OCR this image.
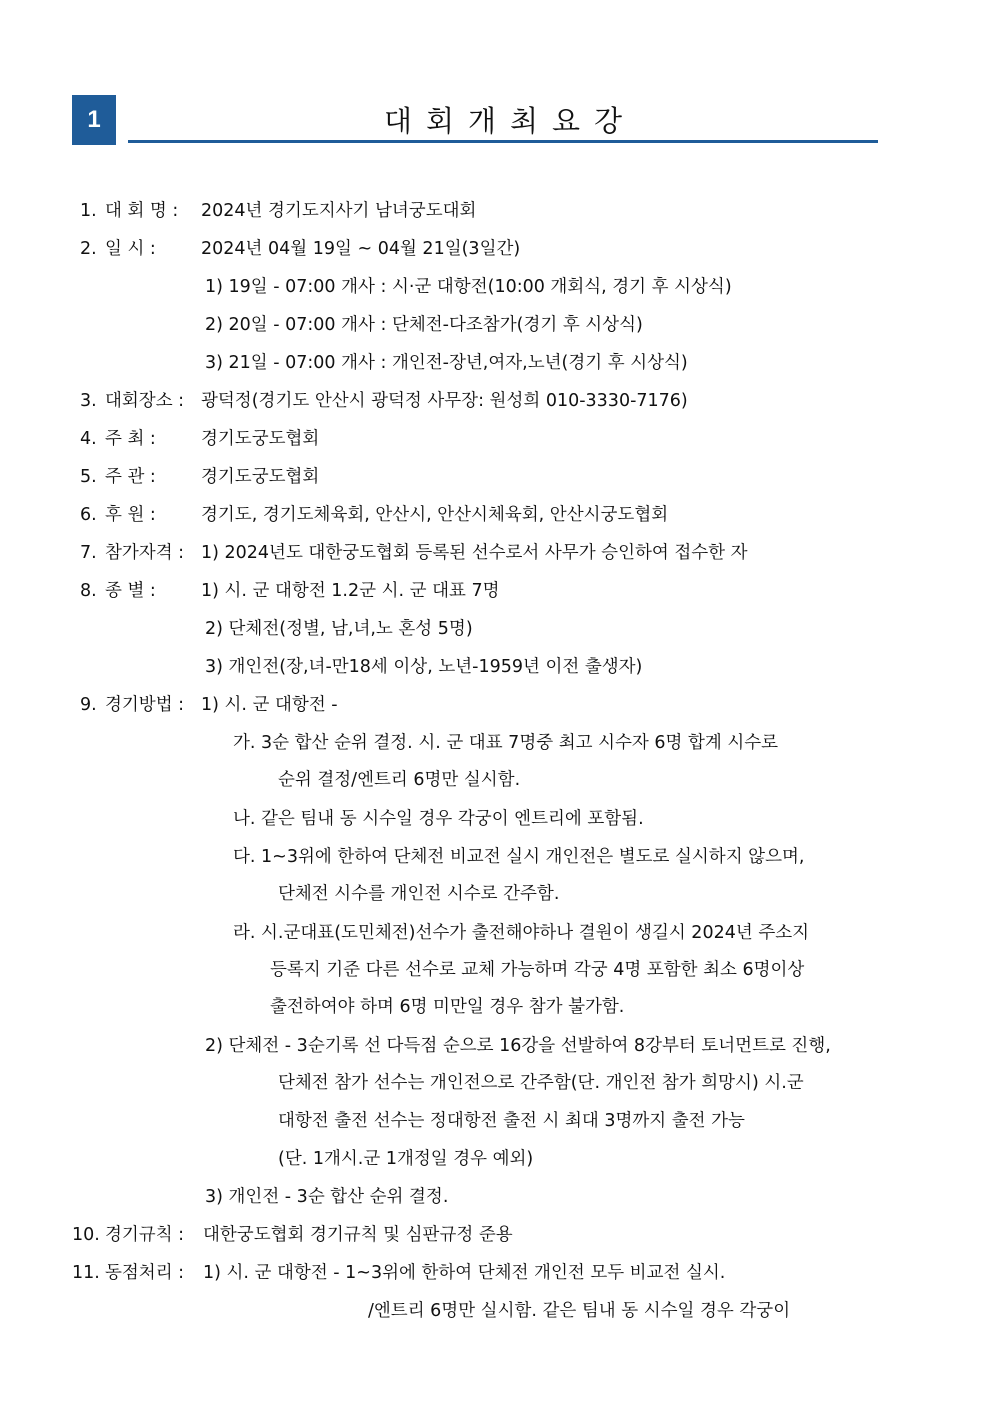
1	대회개최요강
1. 대 회 명 : 2024년 경기도지사기 남녀궁도대회
2. 일 시 :	2024년 04월 19일 ~ 04월 21일(3일간)
1) 19일 - 07:00 개사 : 시·군 대항전(10:00 개회식, 경기 후 시상식)
2) 20일 - 07:00 개사 : 단체전-다조참가(경기 후 시상식)
3) 21일 - 07:00 개사 : 개인전-장년,여자,노년(경기 후 시상식)
3. 대회장소 : 광덕정(경기도 안산시 광덕정 사무장: 원성희 010-3330-7176)
4. 주 최 :	경기도궁도협회
5. 주 관 :	경기도궁도협회
6. 후 원 :	경기도, 경기도체육회, 안산시, 안산시체육회, 안산시궁도협회
7. 참가자격 : 1) 2024년도 대한궁도협회 등록된 선수로서 사무가 승인하여 접수한 자
8. 종 별 :	1) 시. 군 대항전 1.2군 시. 군 대표 7명
2) 단체전(정별, 남,녀,노 혼성 5명)
3) 개인전(장,녀-만18세 이상, 노년-1959년 이전 출생자)
9. 경기방법 : 1) 시. 군 대항전 -
가. 3순 합산 순위 결정. 시. 군 대표 7명중 최고 시수자 6명 합계 시수로
순위 결정/엔트리 6명만 실시함.
나. 같은 팀내 동 시수일 경우 각궁이 엔트리에 포함됨.
다. 1~3위에 한하여 단체전 비교전 실시 개인전은 별도로 실시하지 않으며,
단체전 시수를 개인전 시수로 간주함.
라. 시.군대표(도민체전)선수가 출전해야하나 결원이 생길시 2024년 주소지
등록지 기준 다른 선수로 교체 가능하며 각궁 4명 포함한 최소 6명이상
출전하여야 하며 6명 미만일 경우 참가 불가함.
2) 단체전 - 3순기록 선 다득점 순으로 16강을 선발하여 8강부터 토너먼트로 진행,
단체전 참가 선수는 개인전으로 간주함(단. 개인전 참가 희망시) 시.군
대항전 출전 선수는 정대항전 출전 시 최대 3명까지 출전 가능
(단. 1개시.군 1개정일 경우 예외)
3) 개인전 - 3순 합산 순위 결정.
10. 경기규칙 : 대한궁도협회 경기규칙 및 심판규정 준용
11. 동점처리 : 1) 시. 군 대항전 - 1~3위에 한하여 단체전 개인전 모두 비교전 실시.
/엔트리 6명만 실시함. 같은 팀내 동 시수일 경우 각궁이
